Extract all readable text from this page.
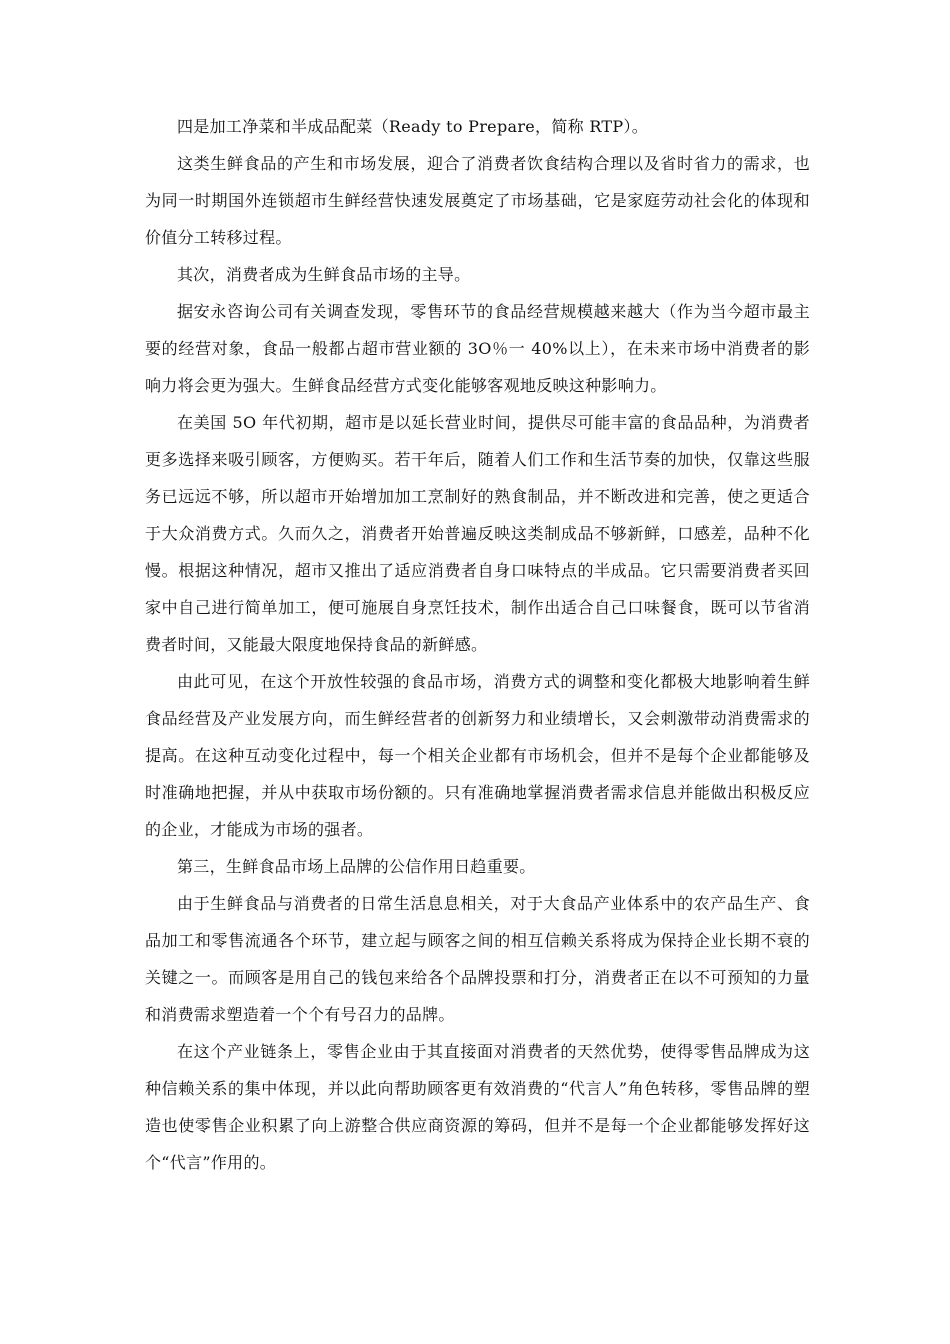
四是加工净菜和半成品配菜（Ready to Prepare，简称 RTP）。

这类生鲜食品的产生和市场发展，迎合了消费者饮食结构合理以及省时省力的需求，也为同一时期国外连锁超市生鲜经营快速发展奠定了市场基础，它是家庭劳动社会化的体现和价值分工转移过程。

其次，消费者成为生鲜食品市场的主导。

据安永咨询公司有关调查发现，零售环节的食品经营规模越来越大（作为当今超市最主要的经营对象，食品一般都占超市营业额的 3O％一 40%以上），在未来市场中消费者的影响力将会更为强大。生鲜食品经营方式变化能够客观地反映这种影响力。

在美国 5O 年代初期，超市是以延长营业时间，提供尽可能丰富的食品品种，为消费者更多选择来吸引顾客，方便购买。若干年后，随着人们工作和生活节奏的加快，仅靠这些服务已远远不够，所以超市开始增加加工烹制好的熟食制品，并不断改进和完善，使之更适合于大众消费方式。久而久之，消费者开始普遍反映这类制成品不够新鲜，口感差，品种不化慢。根据这种情况，超市又推出了适应消费者自身口味特点的半成品。它只需要消费者买回家中自己进行简单加工，便可施展自身烹饪技术，制作出适合自己口味餐食，既可以节省消费者时间，又能最大限度地保持食品的新鲜感。

由此可见，在这个开放性较强的食品市场，消费方式的调整和变化都极大地影响着生鲜食品经营及产业发展方向，而生鲜经营者的创新努力和业绩增长，又会刺激带动消费需求的提高。在这种互动变化过程中，每一个相关企业都有市场机会，但并不是每个企业都能够及时准确地把握，并从中获取市场份额的。只有准确地掌握消费者需求信息并能做出积极反应的企业，才能成为市场的强者。

第三，生鲜食品市场上品牌的公信作用日趋重要。

由于生鲜食品与消费者的日常生活息息相关，对于大食品产业体系中的农产品生产、食品加工和零售流通各个环节，建立起与顾客之间的相互信赖关系将成为保持企业长期不衰的关键之一。而顾客是用自己的钱包来给各个品牌投票和打分，消费者正在以不可预知的力量和消费需求塑造着一个个有号召力的品牌。

在这个产业链条上，零售企业由于其直接面对消费者的天然优势，使得零售品牌成为这种信赖关系的集中体现，并以此向帮助顾客更有效消费的“代言人”角色转移，零售品牌的塑造也使零售企业积累了向上游整合供应商资源的筹码，但并不是每一个企业都能够发挥好这个“代言”作用的。
